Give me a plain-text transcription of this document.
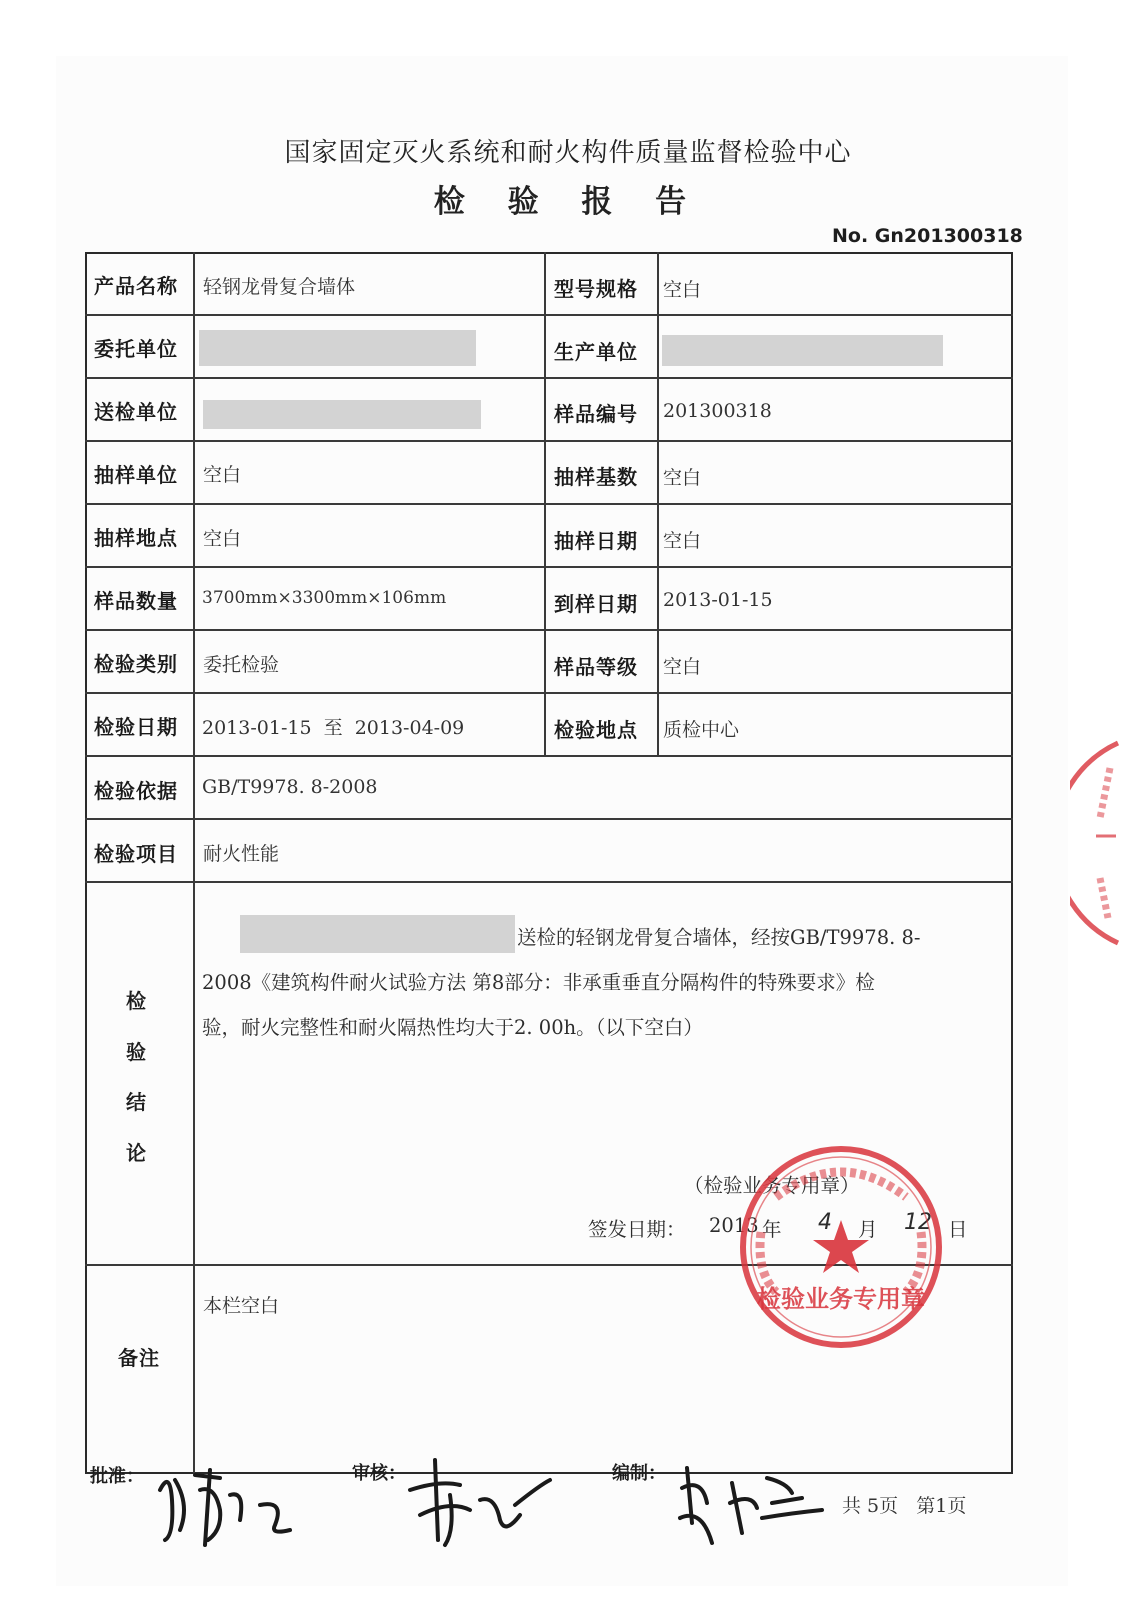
国家固定灭火系统和耐火构件质量监督检验中心
检 验 报 告
No. Gn201300318
产品名称 轻钢龙骨复合墙体	型号规格 空白
委托单位	生产单位
送检单位	样品编号 201300318
抽样单位 空白	抽样基数 空白
抽样地点 空白	抽样日期 空白
样品数量 3700mm×3300mm×106mm	到样日期 2013-01-15
检验类别 委托检验	样品等级 空白
检验日期 2013-01-15  至  2013-04-09	检验地点 质检中心
检验依据 GB/T9978. 8-2008
检验项目 耐火性能
检
验
结
论
送检的轻钢龙骨复合墙体，经按GB/T9978. 8-
2008《建筑构件耐火试验方法 第8部分：非承重垂直分隔构件的特殊要求》检
验，耐火完整性和耐火隔热性均大于2. 00h。（以下空白）
（检验业务专用章）
签发日期： 2013 年 4 月 12 日
备注
本栏空白	检验业务专用章
批准：	审核：	编制：
共 5页   第1页
